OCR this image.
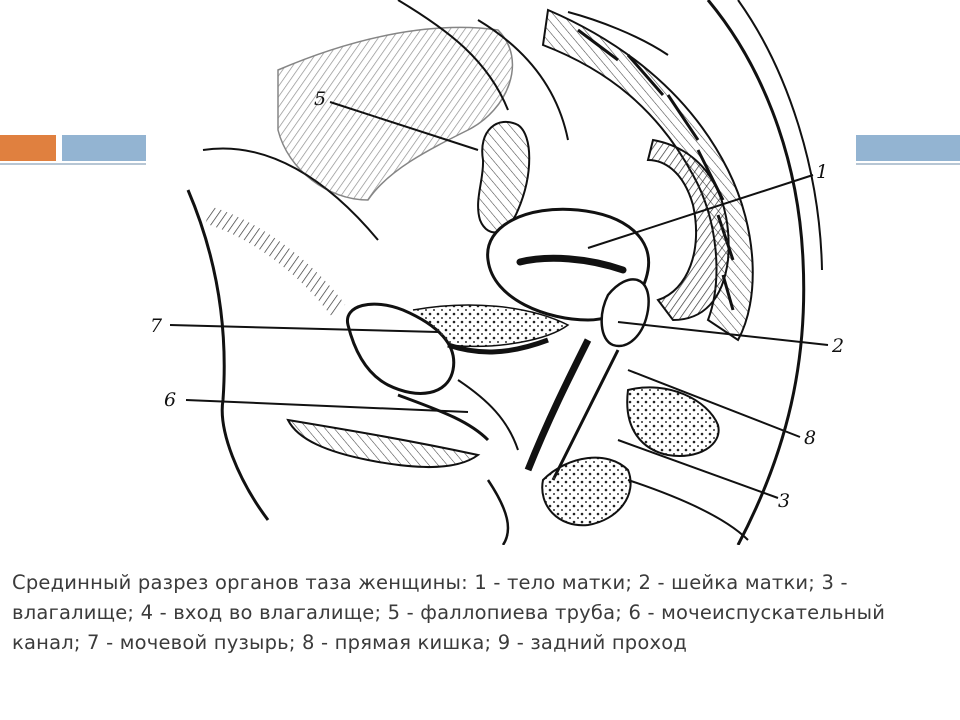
5
1
2
7
6
8
3
Срединный разрез органов таза женщины: 1 - тело матки; 2 - шейка матки; 3 - влагалище; 4 - вход во влагалище; 5 - фаллопиева труба; 6 - мочеиспускательный канал; 7 - мочевой пузырь; 8 - прямая кишка; 9 - задний проход
